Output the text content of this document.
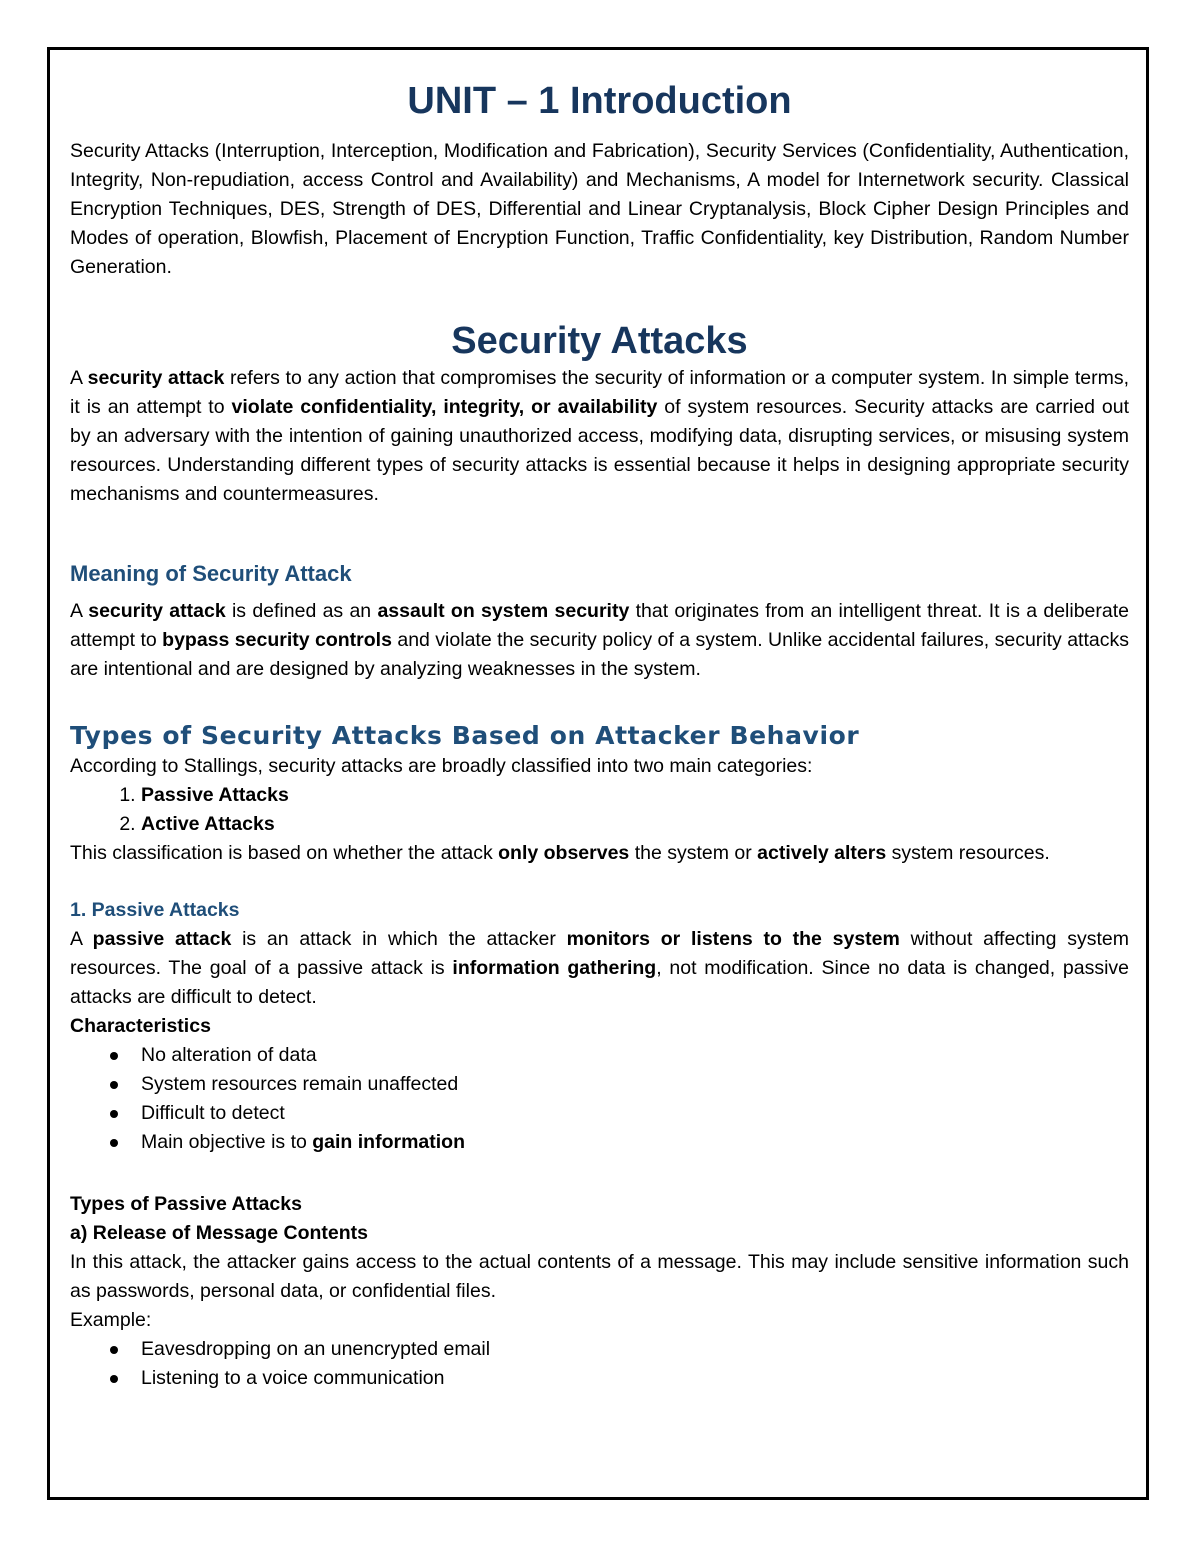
UNIT – 1 Introduction

Security Attacks (Interruption, Interception, Modification and Fabrication), Security Services (Confidentiality, Authentication, Integrity, Non-repudiation, access Control and Availability) and Mechanisms, A model for Internetwork security. Classical Encryption Techniques, DES, Strength of DES, Differential and Linear Cryptanalysis, Block Cipher Design Principles and Modes of operation, Blowfish, Placement of Encryption Function, Traffic Confidentiality, key Distribution, Random Number Generation.

Security Attacks

A security attack refers to any action that compromises the security of information or a computer system. In simple terms, it is an attempt to violate confidentiality, integrity, or availability of system resources. Security attacks are carried out by an adversary with the intention of gaining unauthorized access, modifying data, disrupting services, or misusing system resources. Understanding different types of security attacks is essential because it helps in designing appropriate security mechanisms and countermeasures.

Meaning of Security Attack

A security attack is defined as an assault on system security that originates from an intelligent threat. It is a deliberate attempt to bypass security controls and violate the security policy of a system. Unlike accidental failures, security attacks are intentional and are designed by analyzing weaknesses in the system.

Types of Security Attacks Based on Attacker Behavior

According to Stallings, security attacks are broadly classified into two main categories:

1. Passive Attacks
2. Active Attacks

This classification is based on whether the attack only observes the system or actively alters system resources.

1. Passive Attacks

A passive attack is an attack in which the attacker monitors or listens to the system without affecting system resources. The goal of a passive attack is information gathering, not modification. Since no data is changed, passive attacks are difficult to detect.

Characteristics

No alteration of data
System resources remain unaffected
Difficult to detect
Main objective is to gain information

Types of Passive Attacks

a) Release of Message Contents

In this attack, the attacker gains access to the actual contents of a message. This may include sensitive information such as passwords, personal data, or confidential files.

Example:

Eavesdropping on an unencrypted email
Listening to a voice communication
